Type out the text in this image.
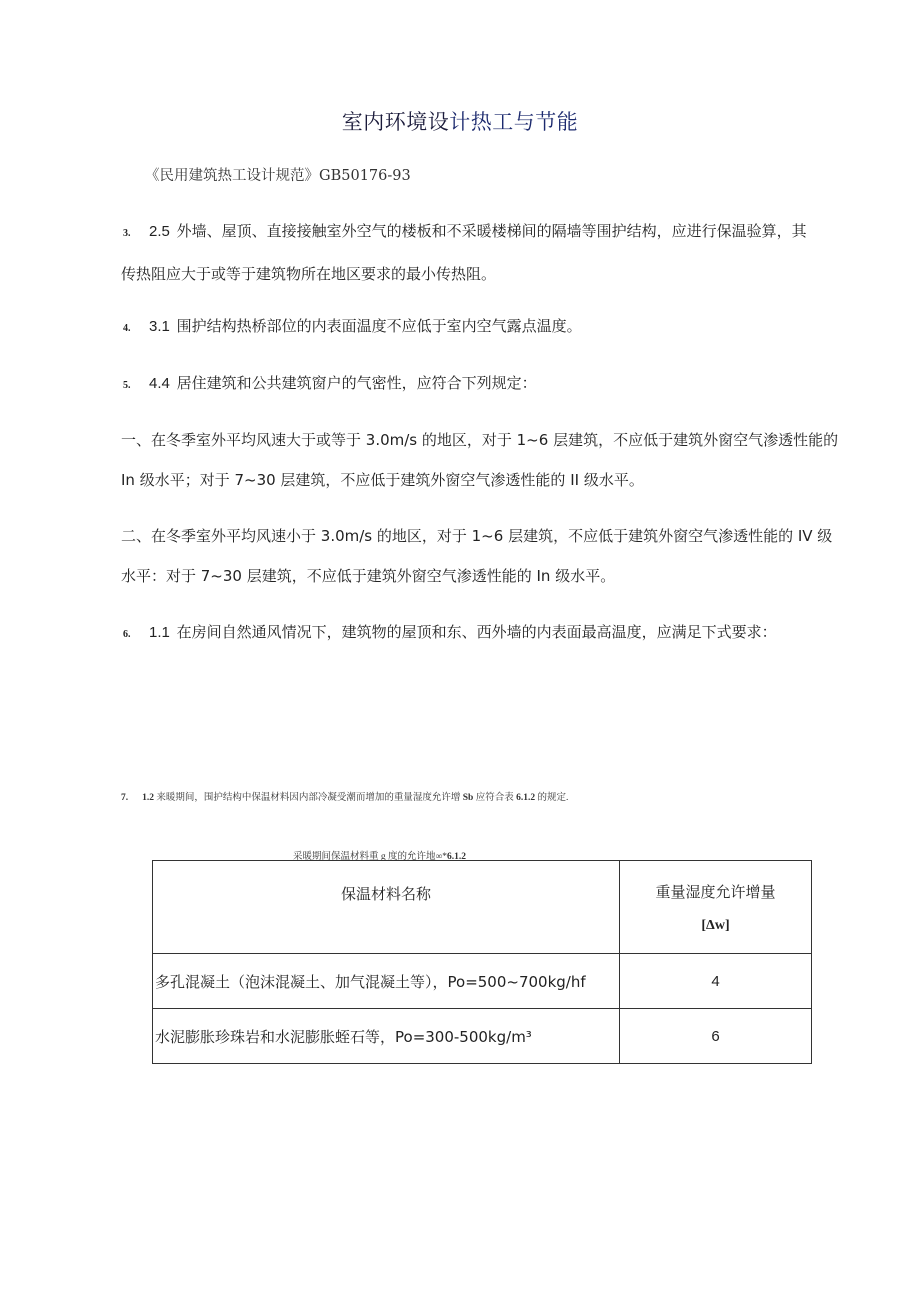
室内环境设计热工与节能
《民用建筑热工设计规范》GB50176-93
3. 2.5 外墙、屋顶、直接接触室外空气的楼板和不采暖楼梯间的隔墙等围护结构，应进行保温验算，其
传热阻应大于或等于建筑物所在地区要求的最小传热阻。
4. 3.1 围护结构热桥部位的内表面温度不应低于室内空气露点温度。
5. 4.4 居住建筑和公共建筑窗户的气密性，应符合下列规定：
一、在冬季室外平均风速大于或等于 3.0m/s 的地区，对于 1~6 层建筑，不应低于建筑外窗空气渗透性能的
In 级水平；对于 7~30 层建筑，不应低于建筑外窗空气渗透性能的 II 级水平。
二、在冬季室外平均风速小于 3.0m/s 的地区，对于 1~6 层建筑，不应低于建筑外窗空气渗透性能的 IV 级
水平：对于 7~30 层建筑，不应低于建筑外窗空气渗透性能的 In 级水平。
6. 1.1 在房间自然通风情况下，建筑物的屋顶和东、西外墙的内表面最高温度，应满足下式要求：
7. 1.2 来暖期间，围护结构中保温材料因内部冷凝受潮而增加的重量湿度允许增 Sb 应符合表 6.1.2 的规定.
采暖期间保温材料重 g 度的允许地∞*6.1.2
保温材料名称	重量湿度允许增量
[Δw]

多孔混凝土（泡沫混凝土、加气混凝土等），Po=500~700kg/hf	4
水泥膨胀珍珠岩和水泥膨胀蛭石等，Po=300-500kg/m³	6
